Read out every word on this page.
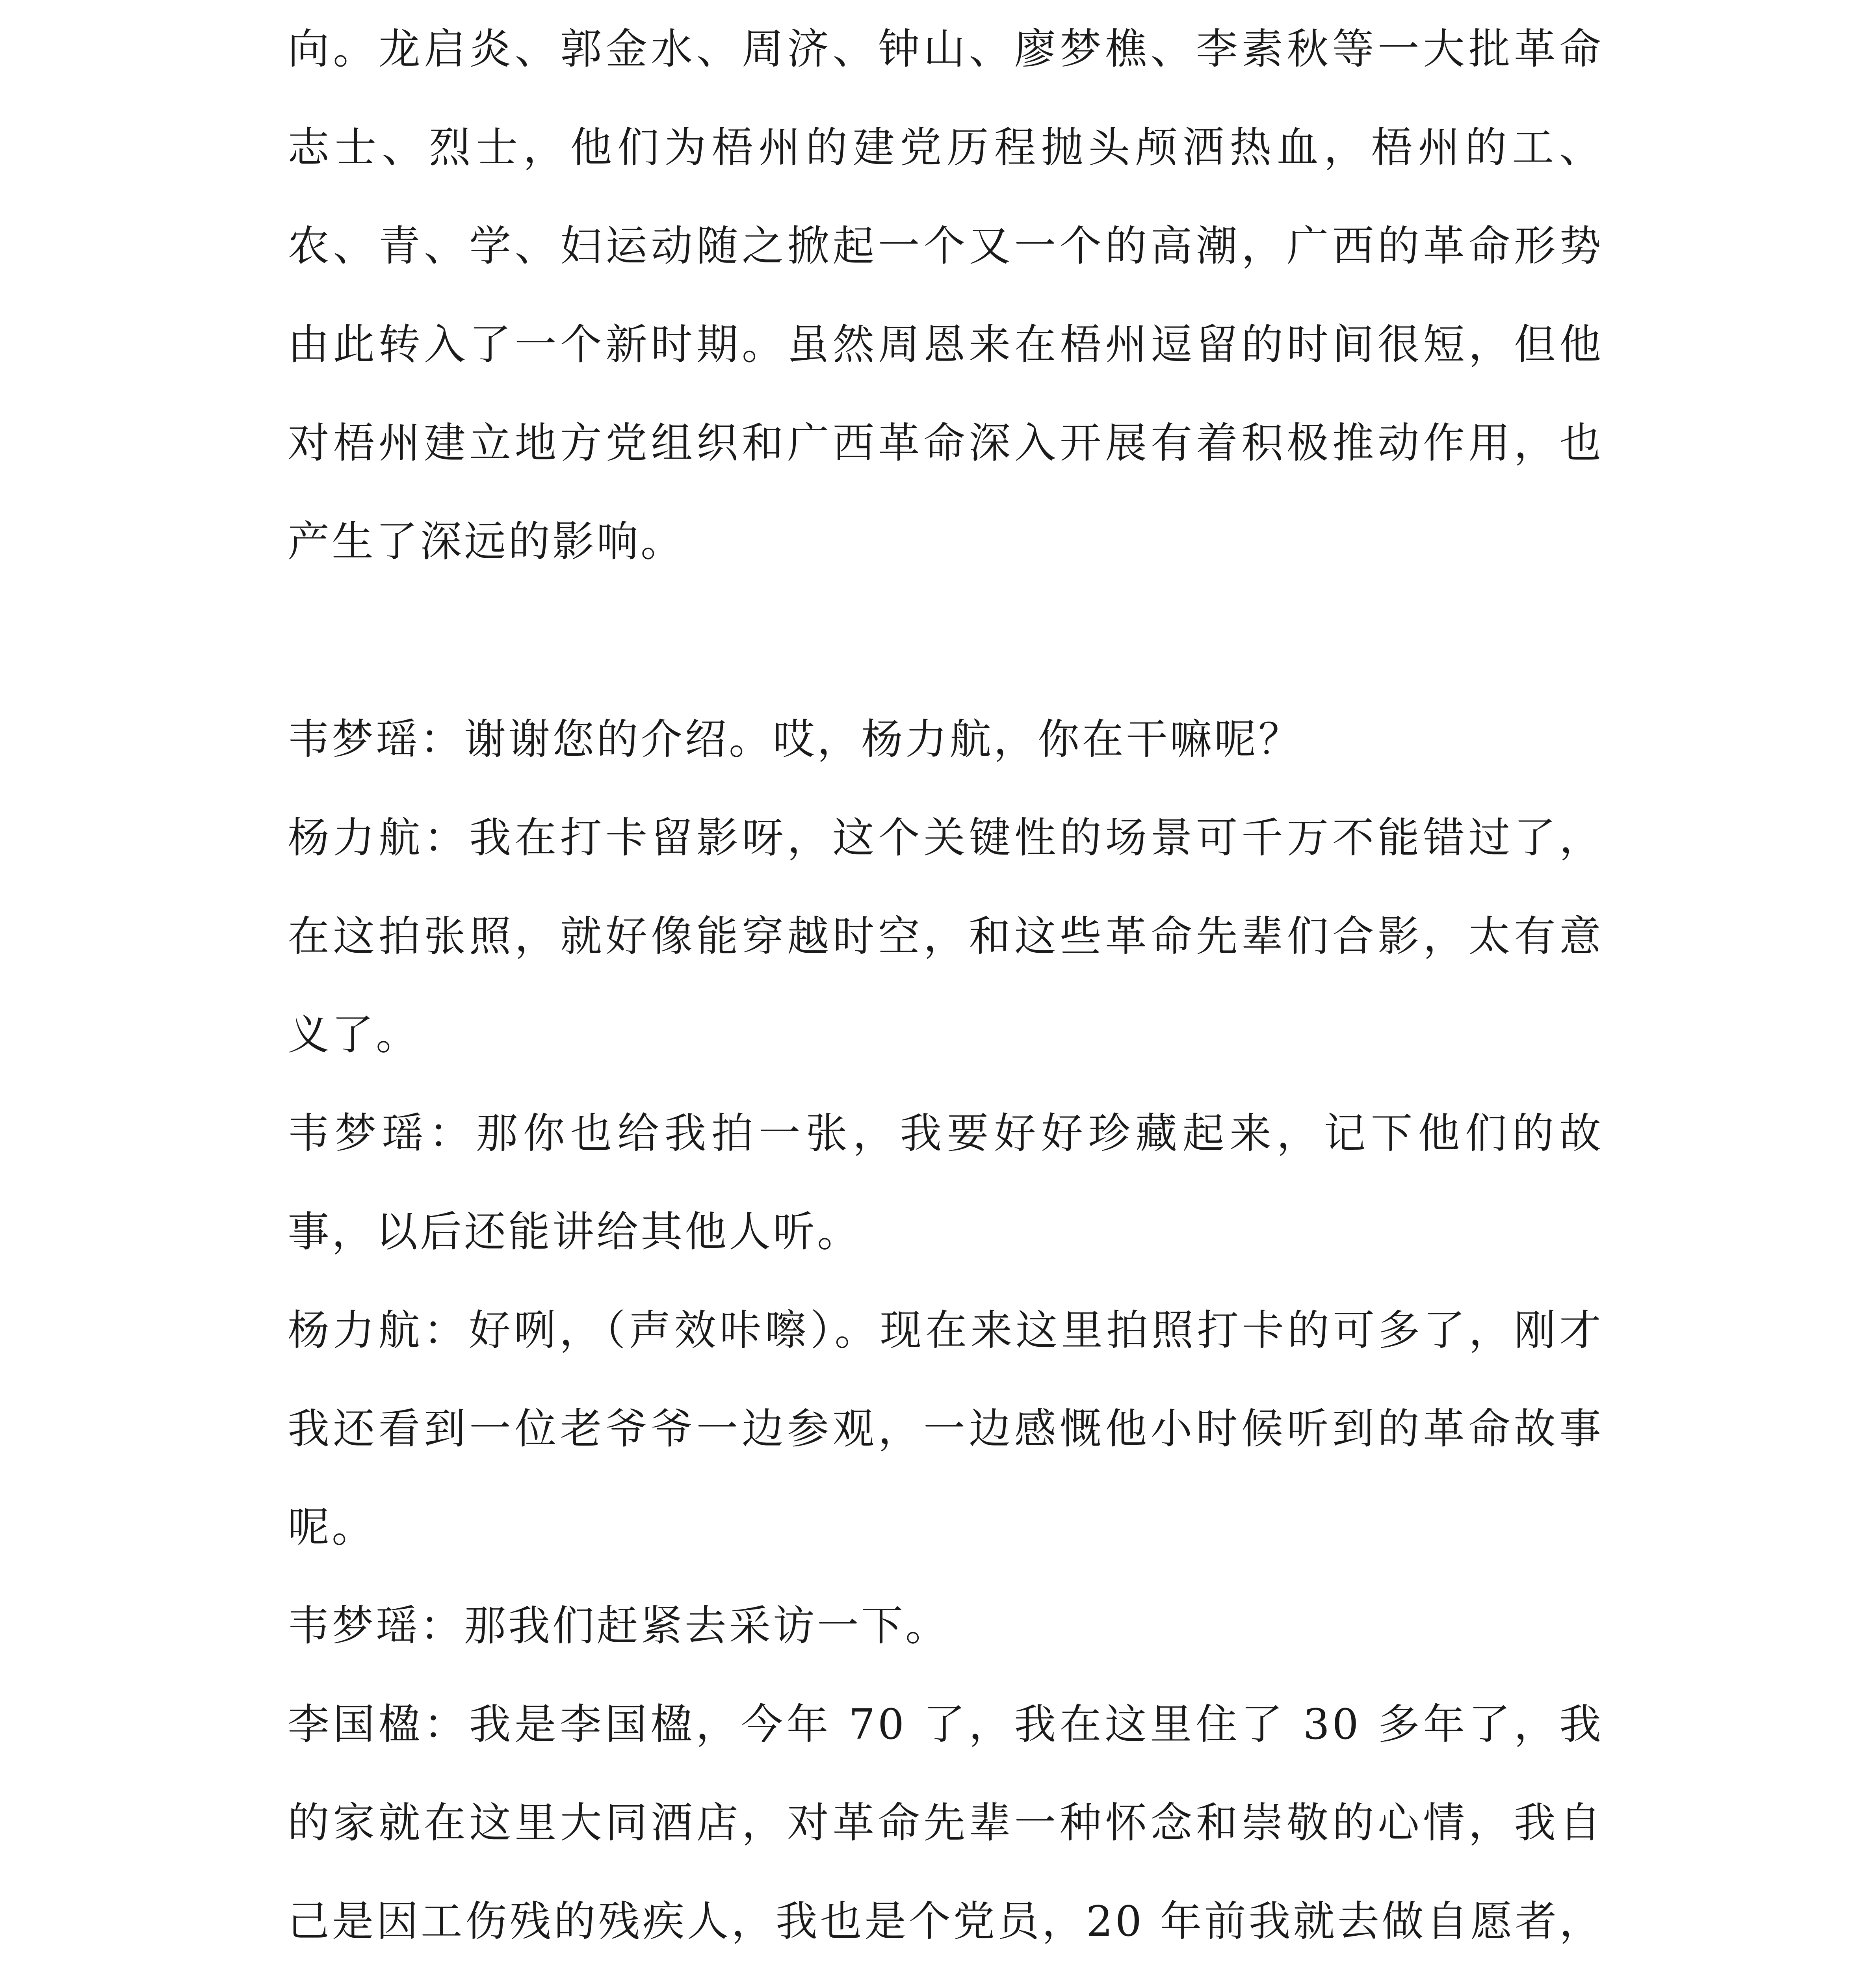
向。龙启炎、郭金水、周济、钟山、廖梦樵、李素秋等一大批革命志士、烈士，他们为梧州的建党历程抛头颅洒热血，梧州的工、农、青、学、妇运动随之掀起一个又一个的高潮，广西的革命形势由此转入了一个新时期。虽然周恩来在梧州逗留的时间很短，但他对梧州建立地方党组织和广西革命深入开展有着积极推动作用，也产生了深远的影响。

韦梦瑶：谢谢您的介绍。哎，杨力航，你在干嘛呢？

杨力航：我在打卡留影呀，这个关键性的场景可千万不能错过了，在这拍张照，就好像能穿越时空，和这些革命先辈们合影，太有意义了。

韦梦瑶：那你也给我拍一张，我要好好珍藏起来，记下他们的故事，以后还能讲给其他人听。

杨力航：好咧，（声效咔嚓）。现在来这里拍照打卡的可多了，刚才我还看到一位老爷爷一边参观，一边感慨他小时候听到的革命故事呢。

韦梦瑶：那我们赶紧去采访一下。

李国楹：我是李国楹，今年 70 了，我在这里住了 30 多年了，我的家就在这里大同酒店，对革命先辈一种怀念和崇敬的心情，我自己是因工伤残的残疾人，我也是个党员，20 年前我就去做自愿者，
